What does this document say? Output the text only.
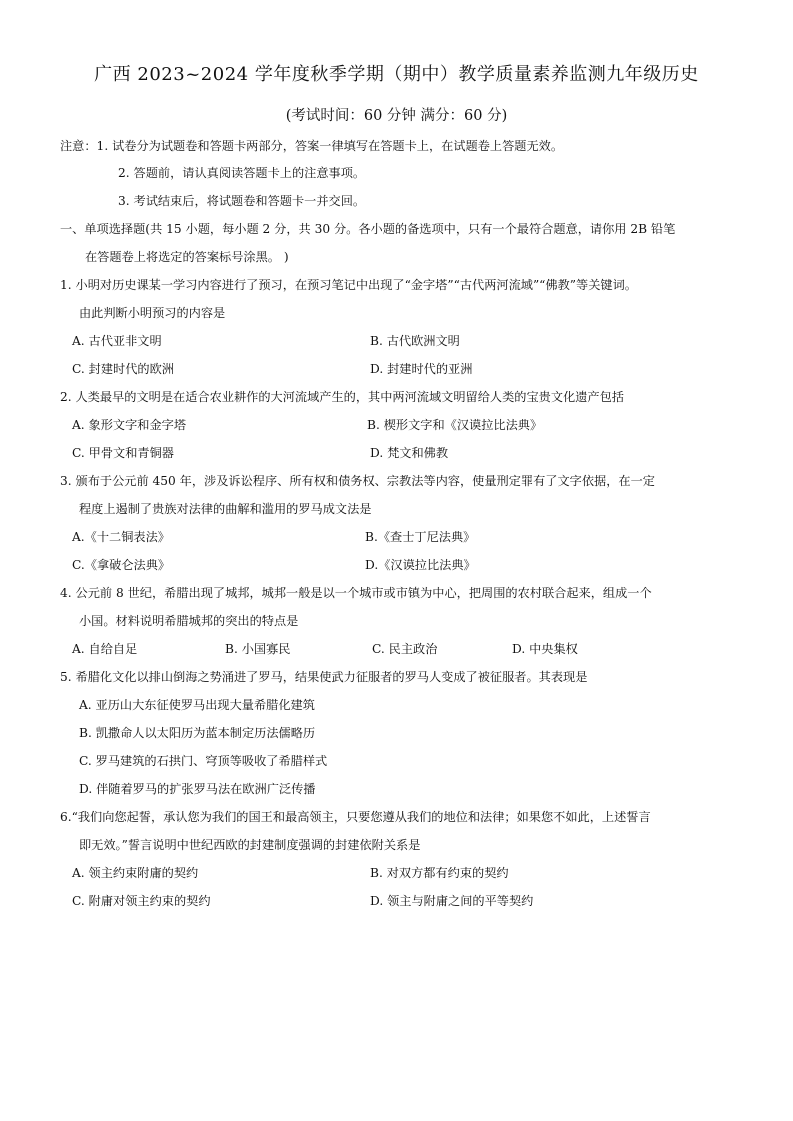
广西 2023~2024 学年度秋季学期（期中）教学质量素养监测九年级历史
(考试时间：60 分钟 满分：60 分)
注意：1. 试卷分为试题卷和答题卡两部分，答案一律填写在答题卡上，在试题卷上答题无效。
2. 答题前，请认真阅读答题卡上的注意事项。
3. 考试结束后，将试题卷和答题卡一并交回。
一、单项选择题(共 15 小题，每小题 2 分，共 30 分。各小题的备选项中，只有一个最符合题意，请你用 2B 铅笔
在答题卷上将选定的答案标号涂黑。 )
1. 小明对历史课某一学习内容进行了预习，在预习笔记中出现了“金字塔”“古代两河流域”“佛教”等关键词。
由此判断小明预习的内容是
A. 古代亚非文明	B. 古代欧洲文明
C. 封建时代的欧洲	D. 封建时代的亚洲
2. 人类最早的文明是在适合农业耕作的大河流域产生的，其中两河流域文明留给人类的宝贵文化遗产包括
A. 象形文字和金字塔	B. 楔形文字和《汉谟拉比法典》
C. 甲骨文和青铜器	D. 梵文和佛教
3. 颁布于公元前 450 年，涉及诉讼程序、所有权和债务权、宗教法等内容，使量刑定罪有了文字依据，在一定
程度上遏制了贵族对法律的曲解和滥用的罗马成文法是
A.《十二铜表法》	B.《查士丁尼法典》
C.《拿破仑法典》	D.《汉谟拉比法典》
4. 公元前 8 世纪，希腊出现了城邦，城邦一般是以一个城市或市镇为中心，把周围的农村联合起来，组成一个
小国。材料说明希腊城邦的突出的特点是
A. 自给自足	B. 小国寡民	C. 民主政治	D. 中央集权
5. 希腊化文化以排山倒海之势涌进了罗马，结果使武力征服者的罗马人变成了被征服者。其表现是
A. 亚历山大东征使罗马出现大量希腊化建筑
B. 凯撒命人以太阳历为蓝本制定历法儒略历
C. 罗马建筑的石拱门、穹顶等吸收了希腊样式
D. 伴随着罗马的扩张罗马法在欧洲广泛传播
6.“我们向您起誓，承认您为我们的国王和最高领主，只要您遵从我们的地位和法律；如果您不如此，上述誓言
即无效。”誓言说明中世纪西欧的封建制度强调的封建依附关系是
A. 领主约束附庸的契约	B. 对双方都有约束的契约
C. 附庸对领主约束的契约	D. 领主与附庸之间的平等契约
